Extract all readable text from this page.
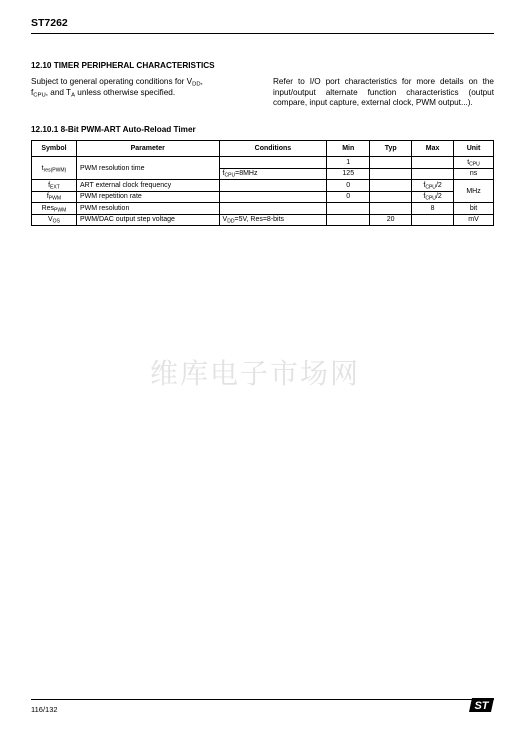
ST7262
12.10 TIMER PERIPHERAL CHARACTERISTICS
Subject to general operating conditions for $V_{DD}$,
$f_{CPU}$, and $T_A$ unless otherwise specified.
Refer to I/O port characteristics for more details on the input/output alternate function characteristics (output compare, input capture, external clock, PWM output...).
12.10.1 8-Bit PWM-ART Auto-Reload Timer
Symbol	Parameter	Conditions	Min	Typ	Max	Unit
$t_{res(PWM)}$	PWM resolution time		1			$t_{CPU}$
		$f_{CPU}=8MHz$	125			ns
$f_{EXT}$	ART external clock frequency		0		$f_{CPU}/2$	MHz
$f_{PWM}$	PWM repetition rate		0		$f_{CPU}/2$	
Res$_{PWM}$	PWM resolution				8	bit
$V_{OS}$	PWM/DAC output step voltage	$V_{DD}=5V$, Res=8-bits		20		mV
维库电子市场网
116/132	ST
